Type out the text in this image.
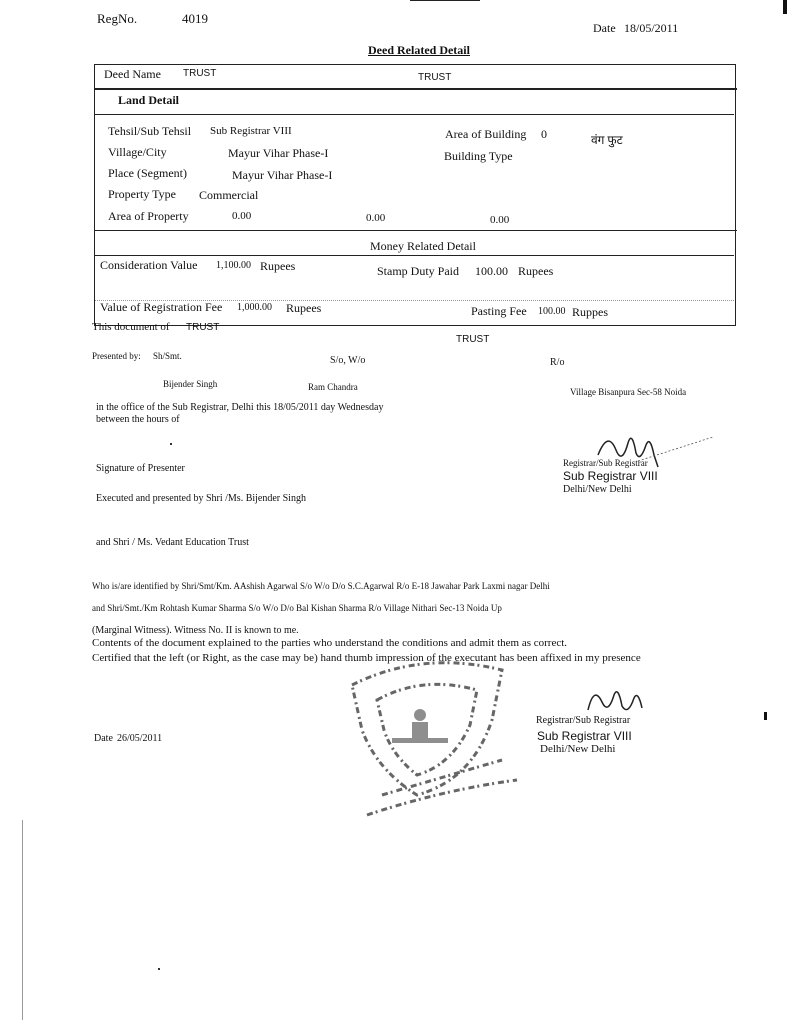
RegNo.	4019
Date 18/05/2011
Deed Related Detail
Deed Name TRUST	TRUST
Land Detail
Tehsil/Sub Tehsil Sub Registrar VIII	Area of Building 0	वंग फुट
Village/City	Mayur Vihar Phase-I	Building Type
Place (Segment)	Mayur Vihar Phase-I
Property Type Commercial
Area of Property	0.00	0.00	0.00
Money Related Detail
Consideration Value 1,100.00 Rupees	Stamp Duty Paid 100.00 Rupees
Value of Registration Fee 1,000.00 Rupees	Pasting Fee 100.00 Ruppes
This document of TRUST
TRUST
Presented by: Sh/Smt.	S/o, W/o	R/o
Bijender Singh	Ram Chandra	Village Bisanpura Sec-58 Noida
in the office of the Sub Registrar, Delhi this 18/05/2011 day Wednesday
between the hours of
Signature of Presenter
Executed and presented by Shri /Ms. Bijender Singh
and Shri / Ms. Vedant Education Trust
Who is/are identified by Shri/Smt/Km. AAshish Agarwal S/o W/o D/o S.C.Agarwal R/o E-18 Jawahar Park Laxmi nagar Delhi
and Shri/Smt./Km Rohtash Kumar Sharma S/o W/o D/o Bal Kishan Sharma R/o Village Nithari Sec-13 Noida Up
(Marginal Witness). Witness No. II is known to me.
Contents of the document explained to the parties who understand the conditions and admit them as correct.
Certified that the left (or Right, as the case may be) hand thumb impression of the executant has been affixed in my presence
Registrar/Sub Registrar
Sub Registrar VIII
Delhi/New Delhi
Registrar/Sub Registrar
Sub Registrar VIII
Delhi/New Delhi
Date 26/05/2011
